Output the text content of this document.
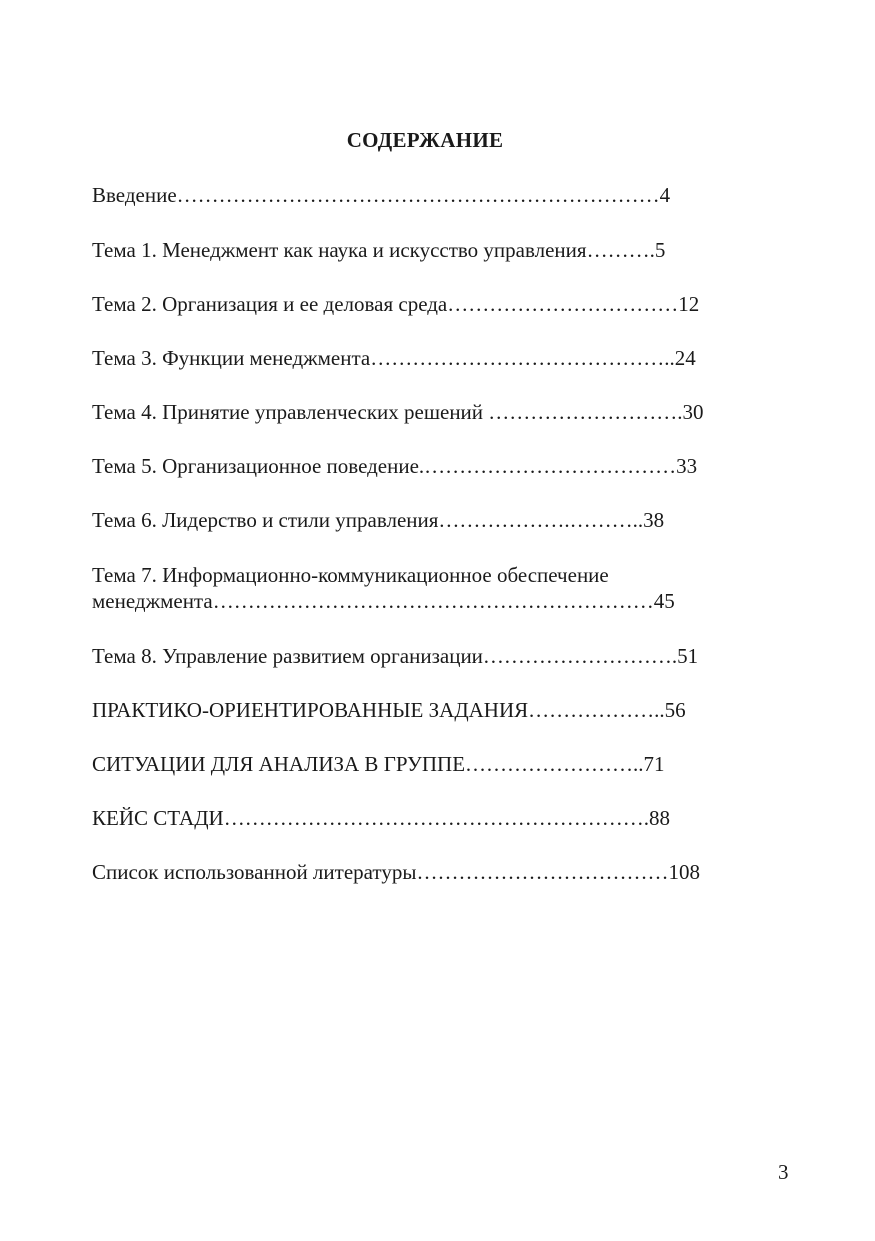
СОДЕРЖАНИЕ
Введение……………………………………………………………4
Тема 1. Менеджмент как наука и искусство управления……….5
Тема 2. Организация и ее деловая среда……………………………12
Тема 3. Функции менеджмента……………………………………..24
Тема 4. Принятие управленческих решений ……………………….30
Тема 5. Организационное поведение.………………………………33
Тема 6. Лидерство и стили управления……………….………..38
Тема 7. Информационно-коммуникационное обеспечение
менеджмента………………………………………………………45
Тема 8. Управление развитием организации……………………….51
ПРАКТИКО-ОРИЕНТИРОВАННЫЕ ЗАДАНИЯ………………..56
СИТУАЦИИ ДЛЯ АНАЛИЗА В ГРУППЕ……………………..71
КЕЙС СТАДИ…………………………………………………….88
Список использованной литературы………………………………108
3
